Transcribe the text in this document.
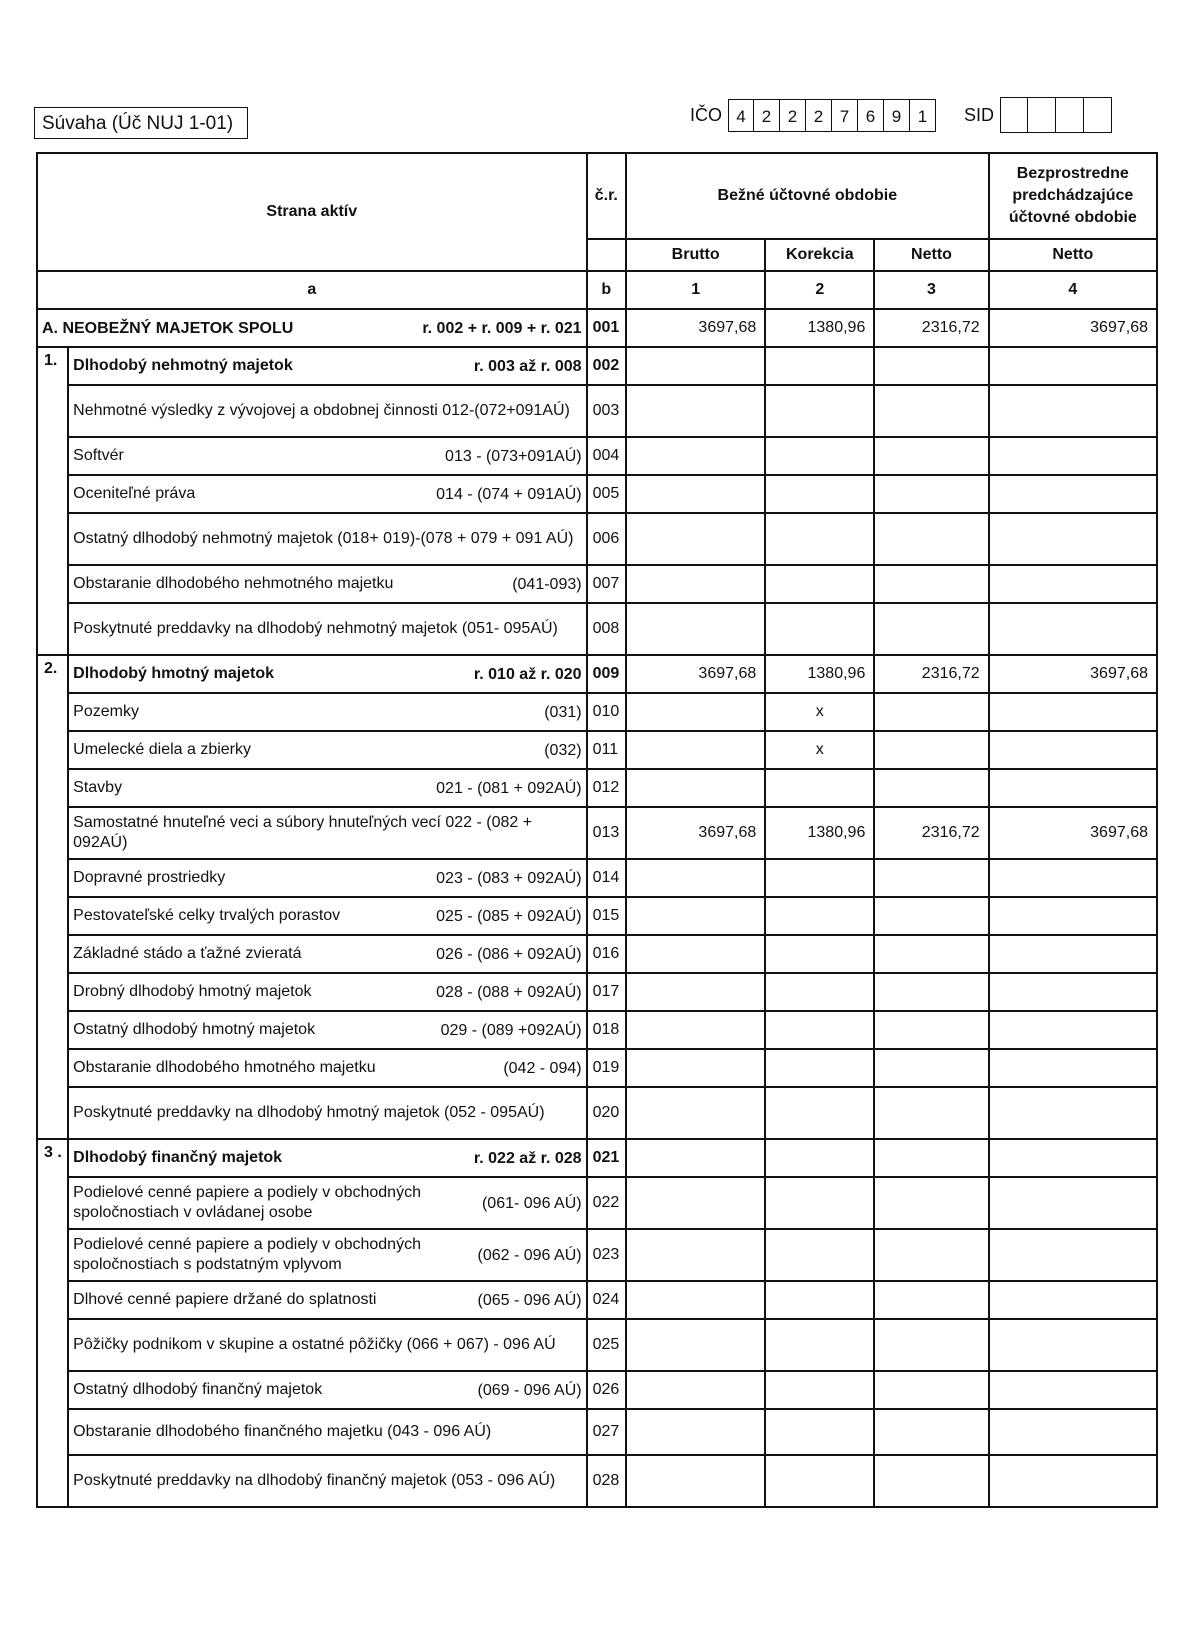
Súvaha (Úč NUJ 1-01)	IČO 4 2 2 2 7 6 9 1	SID
Strana aktív		č.r.	Bežné účtovné obdobie			Bezprostredne predchádzajúce účtovné obdobie
			Brutto	Korekcia	Netto	Netto
a		b	1	2	3	4

A. NEOBEŽNÝ MAJETOK SPOLU r. 002 + r. 009 + r. 021		001	3697,68	1380,96	2316,72	3697,68
1.	Dlhodobý nehmotný majetok r. 003 až r. 008	002				

	Nehmotné výsledky z vývojovej a obdobnej činnosti 012-(072+091AÚ)	003				

	Softvér 013 - (073+091AÚ)	004				

	Oceniteľné práva 014 - (074 + 091AÚ)	005				

	Ostatný dlhodobý nehmotný majetok (018+ 019)-(078 + 079 + 091 AÚ)	006				

	Obstaranie dlhodobého nehmotného majetku (041-093)	007				

	Poskytnuté preddavky na dlhodobý nehmotný majetok (051- 095AÚ)	008				
2.	Dlhodobý hmotný majetok r. 010 až r. 020	009	3697,68	1380,96	2316,72	3697,68

	Pozemky (031)	010		x		

	Umelecké diela a zbierky (032)	011		x		

	Stavby 021 - (081 + 092AÚ)	012				

	Samostatné hnuteľné veci a súbory hnuteľných vecí 022 - (082 + 092AÚ)	013	3697,68	1380,96	2316,72	3697,68

	Dopravné prostriedky 023 - (083 + 092AÚ)	014				

	Pestovateľské celky trvalých porastov 025 - (085 + 092AÚ)	015				

	Základné stádo a ťažné zvieratá 026 - (086 + 092AÚ)	016				

	Drobný dlhodobý hmotný majetok 028 - (088 + 092AÚ)	017				

	Ostatný dlhodobý hmotný majetok 029 - (089 +092AÚ)	018				

	Obstaranie dlhodobého hmotného majetku (042 - 094)	019				

	Poskytnuté preddavky na dlhodobý hmotný majetok (052 - 095AÚ)	020				
3 .	Dlhodobý finančný majetok r. 022 až r. 028	021				

	Podielové cenné papiere a podiely v obchodných spoločnostiach v ovládanej osobe
(061- 096 AÚ)	022				

	Podielové cenné papiere a podiely v obchodných spoločnostiach s podstatným vplyvom
(062 - 096 AÚ)	023				

	Dlhové cenné papiere držané do splatnosti (065 - 096 AÚ)	024				

	Pôžičky podnikom v skupine a ostatné pôžičky (066 + 067) - 096 AÚ	025				

	Ostatný dlhodobý finančný majetok (069 - 096 AÚ)	026				

	Obstaranie dlhodobého finančného majetku (043 - 096 AÚ)	027				

	Poskytnuté preddavky na dlhodobý finančný majetok (053 - 096 AÚ)	028				
